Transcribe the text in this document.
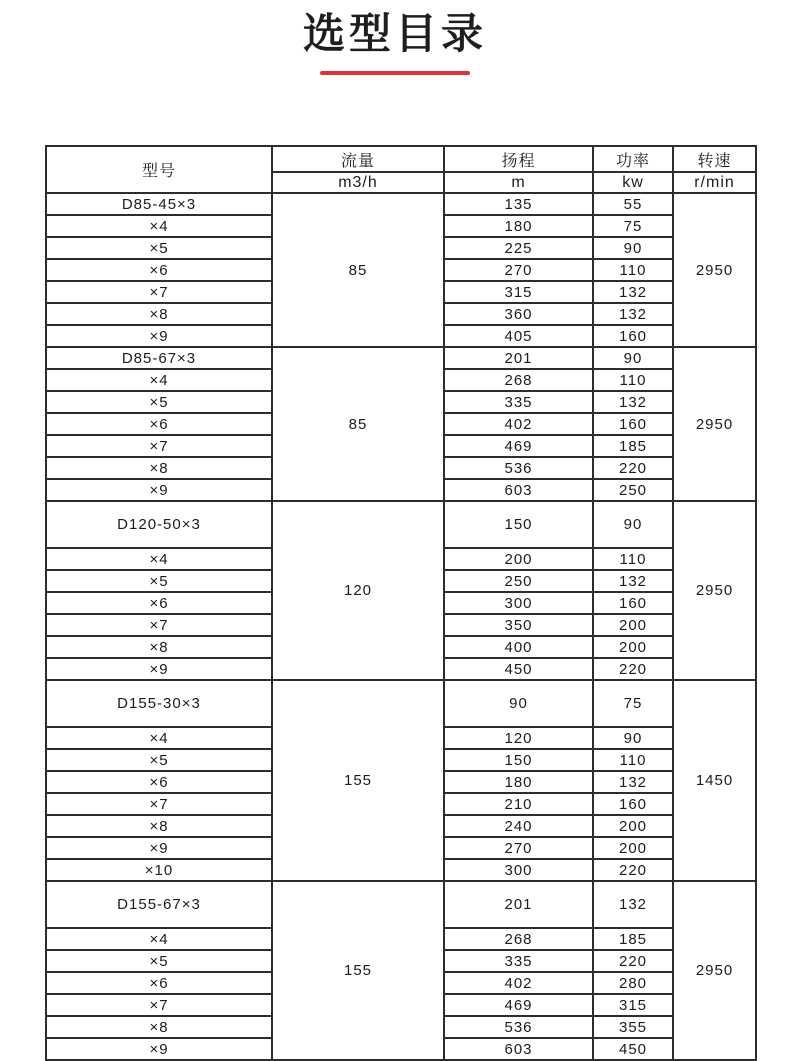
选型目录
型号	流量	扬程	功率	转速
	m3/h	m	kw	r/min
D85-45×3	85	135	55	2950
×4		180	75	
×5		225	90	
×6		270	110	
×7		315	132	
×8		360	132	
×9		405	160	
D85-67×3	85	201	90	2950
×4		268	110	
×5		335	132	
×6		402	160	
×7		469	185	
×8		536	220	
×9		603	250	
D120-50×3	120	150	90	2950
×4		200	110	
×5		250	132	
×6		300	160	
×7		350	200	
×8		400	200	
×9		450	220	
D155-30×3	155	90	75	1450
×4		120	90	
×5		150	110	
×6		180	132	
×7		210	160	
×8		240	200	
×9		270	200	
×10		300	220	
D155-67×3	155	201	132	2950
×4		268	185	
×5		335	220	
×6		402	280	
×7		469	315	
×8		536	355	
×9		603	450	
